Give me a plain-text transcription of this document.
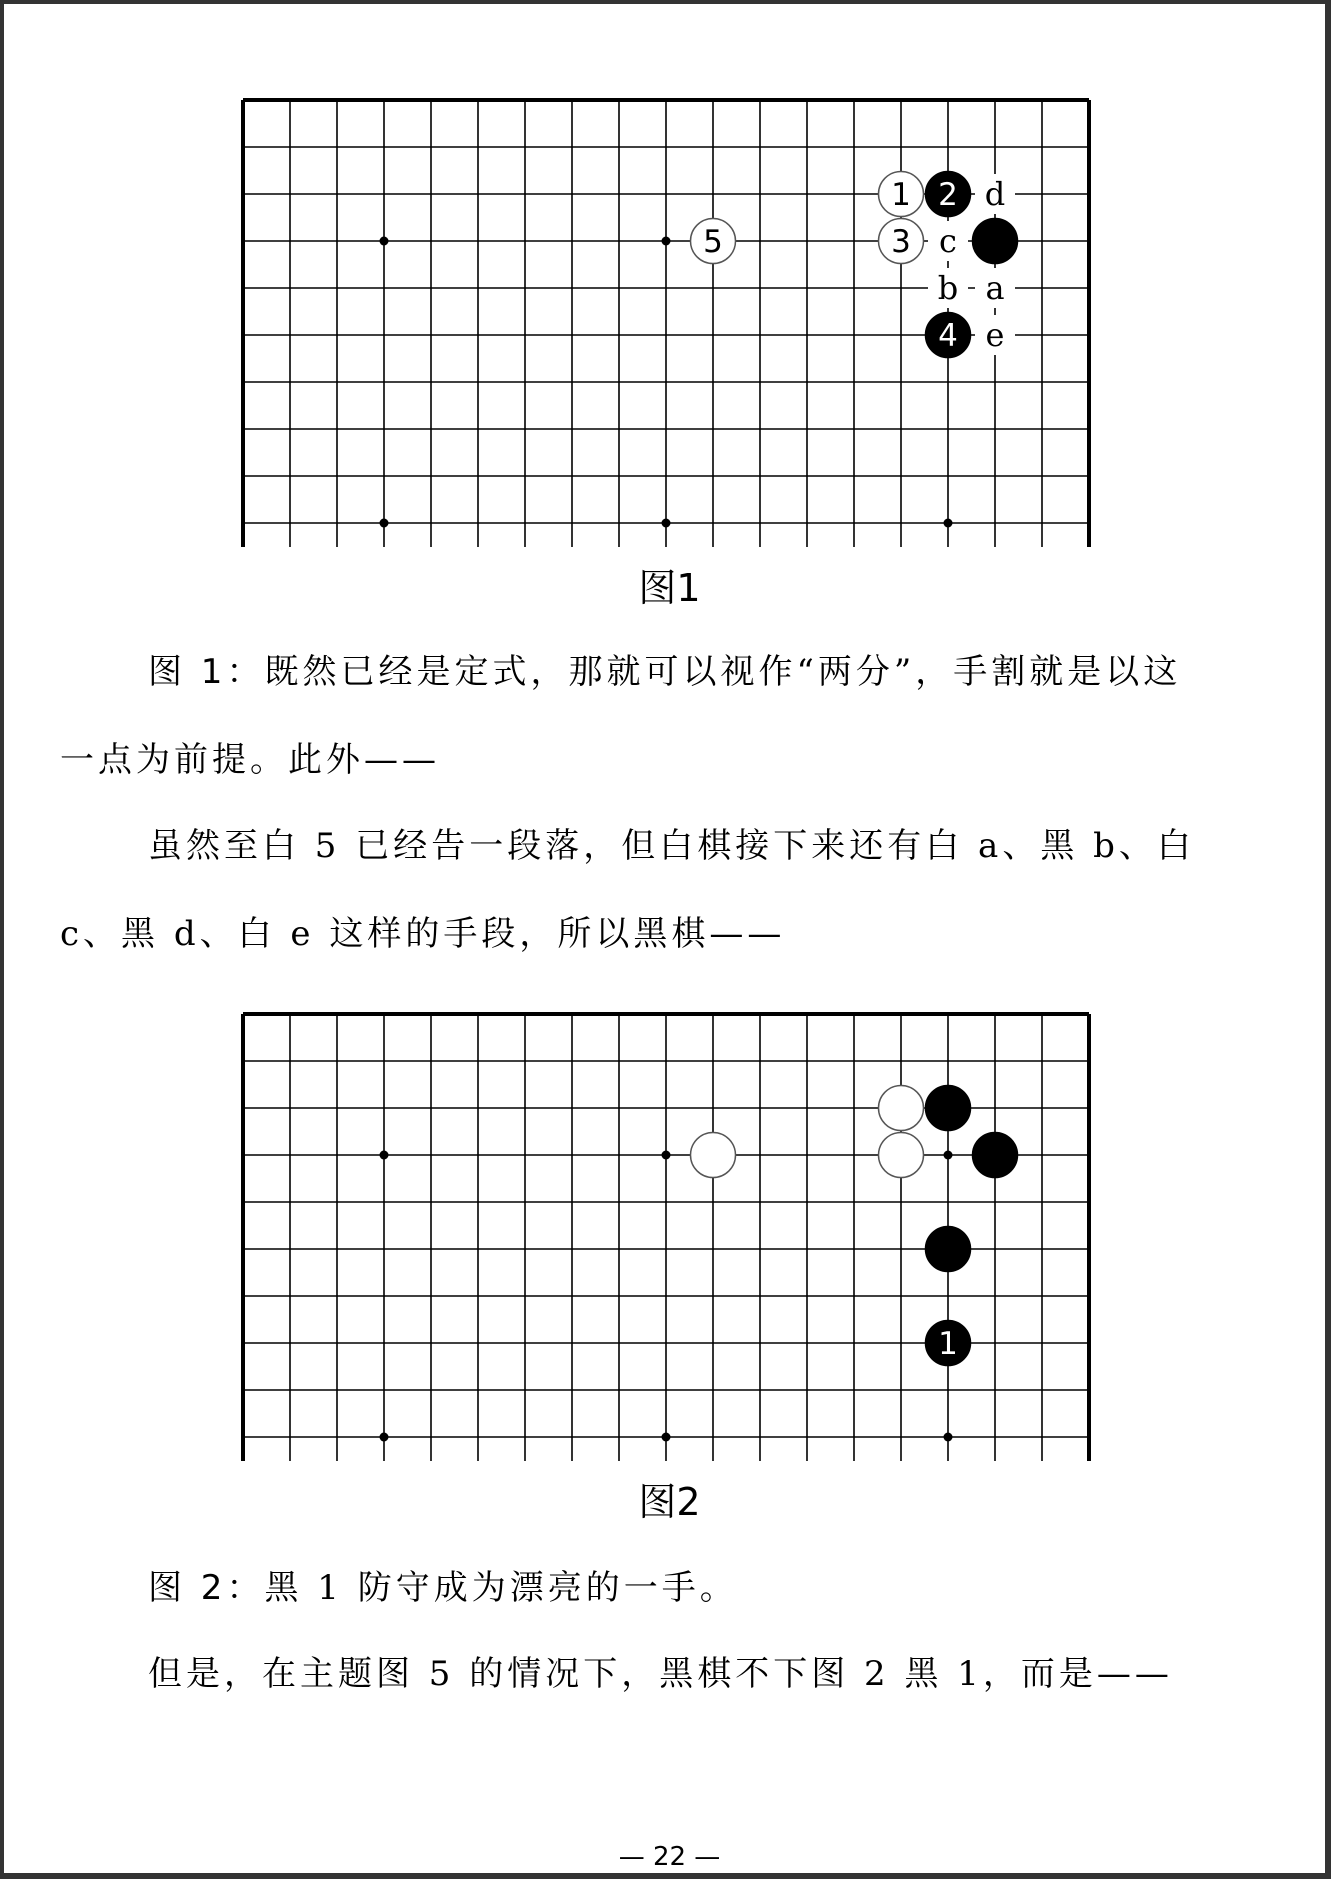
d
c
b a
e
1 2
3
4
5
图1
图 1：既然已经是定式，那就可以视作“两分”，手割就是以这
一点为前提。此外——
虽然至白 5 已经告一段落，但白棋接下来还有白 a、黑 b、白
c、黑 d、白 e 这样的手段，所以黑棋——
1
图2
图 2：黑 1 防守成为漂亮的一手。
但是，在主题图 5 的情况下，黑棋不下图 2 黑 1，而是——
— 22 —
